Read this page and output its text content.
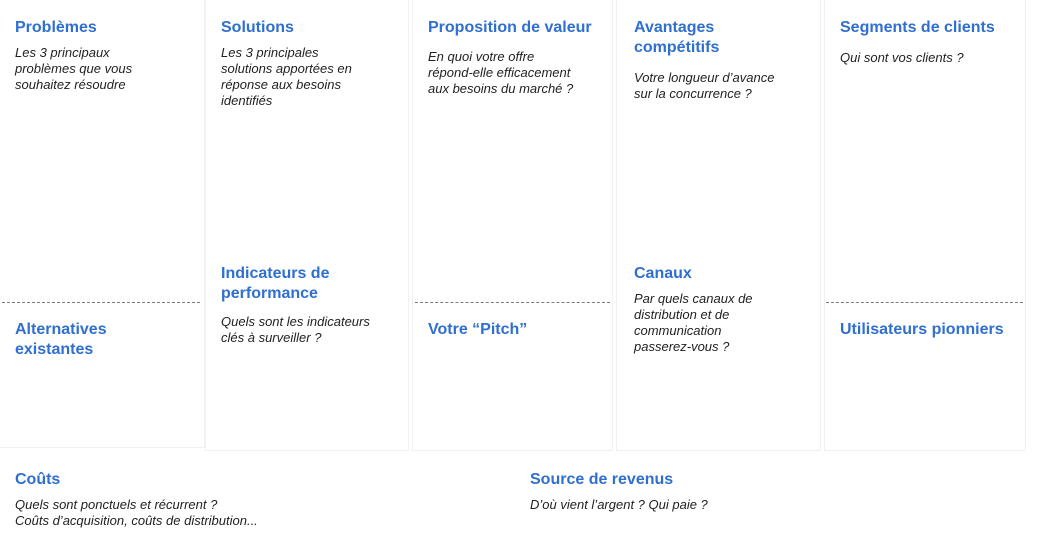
Problèmes

Les 3 principaux
problèmes que vous
souhaitez résoudre

Alternatives
existantes
Solutions

Les 3 principales
solutions apportées en
réponse aux besoins
identifiés

Indicateurs de
performance

Quels sont les indicateurs
clés à surveiller ?

Proposition de valeur

En quoi votre offre
répond-elle efficacement
aux besoins du marché ?

Votre “Pitch”
Avantages
compétitifs

Votre longueur d’avance
sur la concurrence ?

Canaux

Par quels canaux de
distribution et de
communication
passerez-vous ?

Segments de clients

Qui sont vos clients ?

Utilisateurs pionniers
Coûts

Quels sont ponctuels et récurrent ?
Coûts d’acquisition, coûts de distribution...

Source de revenus

D’où vient l’argent ? Qui paie ?
